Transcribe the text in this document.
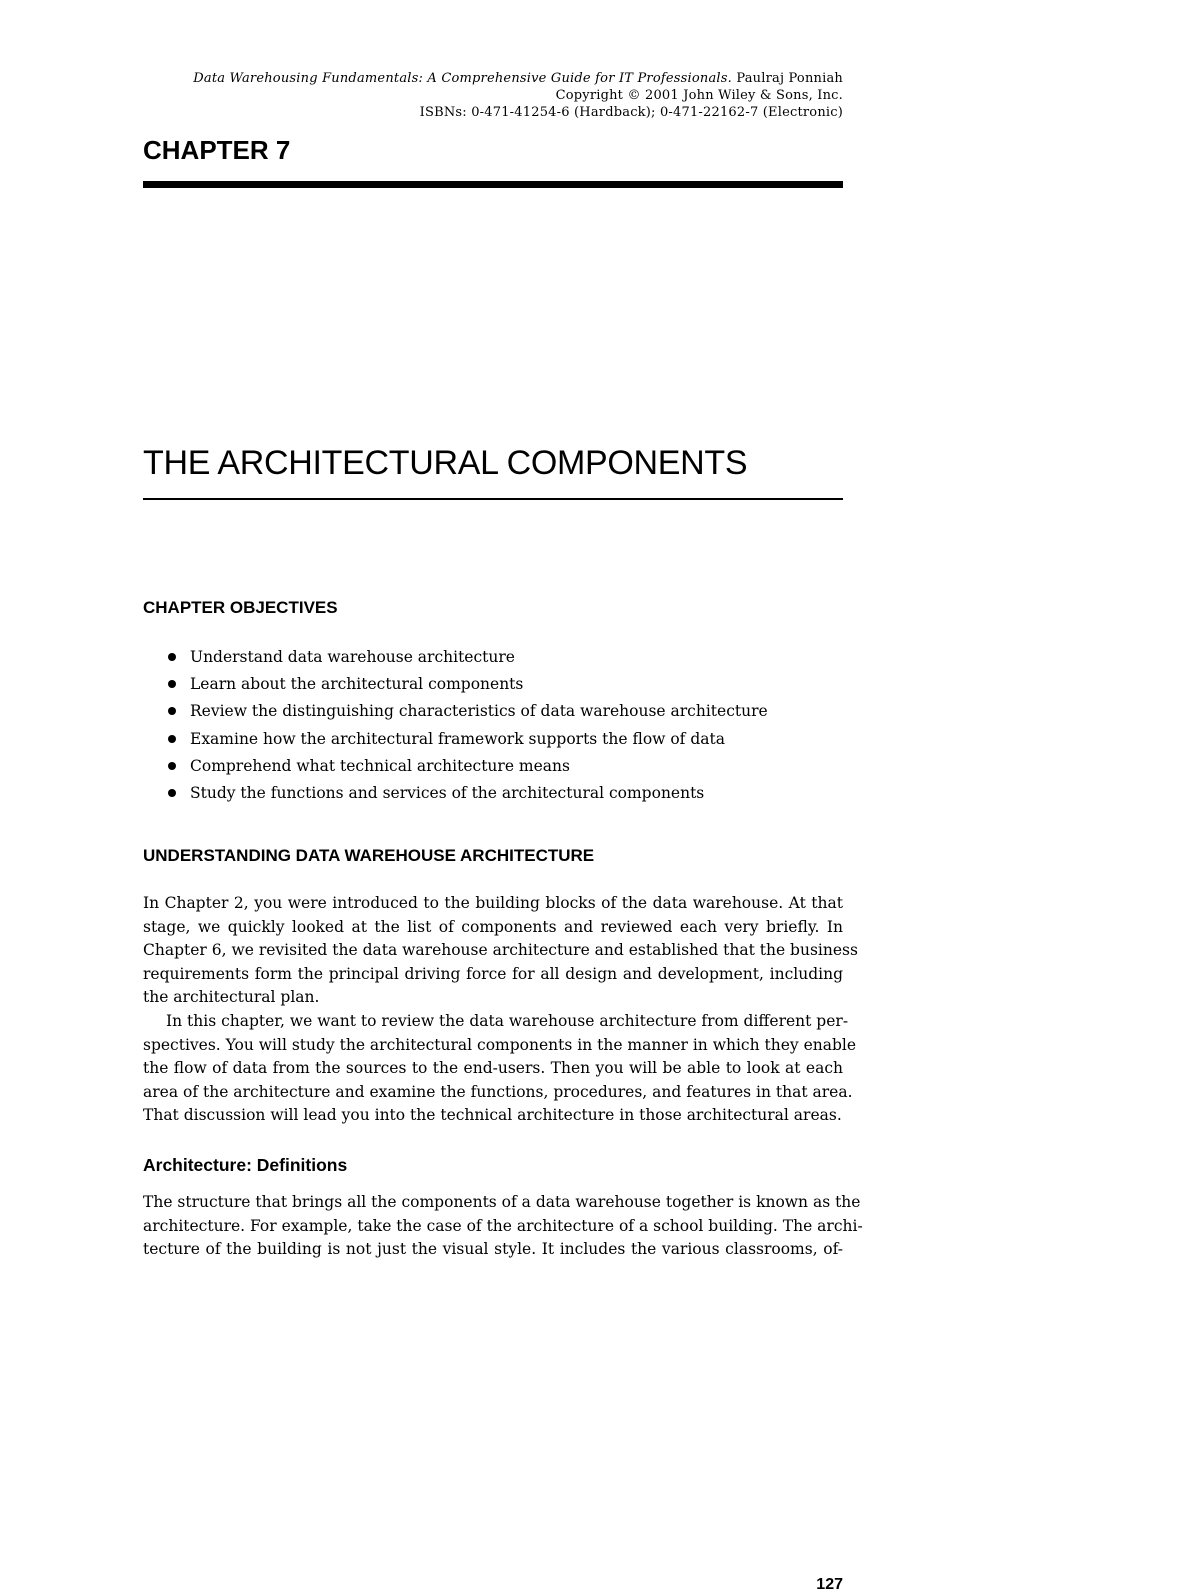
Data Warehousing Fundamentals: A Comprehensive Guide for IT Professionals. Paulraj Ponniah
Copyright © 2001 John Wiley & Sons, Inc.
ISBNs: 0-471-41254-6 (Hardback); 0-471-22162-7 (Electronic)
CHAPTER 7
THE ARCHITECTURAL COMPONENTS
CHAPTER OBJECTIVES
Understand data warehouse architecture
Learn about the architectural components
Review the distinguishing characteristics of data warehouse architecture
Examine how the architectural framework supports the flow of data
Comprehend what technical architecture means
Study the functions and services of the architectural components
UNDERSTANDING DATA WAREHOUSE ARCHITECTURE
In Chapter 2, you were introduced to the building blocks of the data warehouse. At that
stage, we quickly looked at the list of components and reviewed each very briefly. In
Chapter 6, we revisited the data warehouse architecture and established that the business
requirements form the principal driving force for all design and development, including
the architectural plan.
In this chapter, we want to review the data warehouse architecture from different per-
spectives. You will study the architectural components in the manner in which they enable
the flow of data from the sources to the end-users. Then you will be able to look at each
area of the architecture and examine the functions, procedures, and features in that area.
That discussion will lead you into the technical architecture in those architectural areas.
Architecture: Definitions
The structure that brings all the components of a data warehouse together is known as the
architecture. For example, take the case of the architecture of a school building. The archi-
tecture of the building is not just the visual style. It includes the various classrooms, of-
127
